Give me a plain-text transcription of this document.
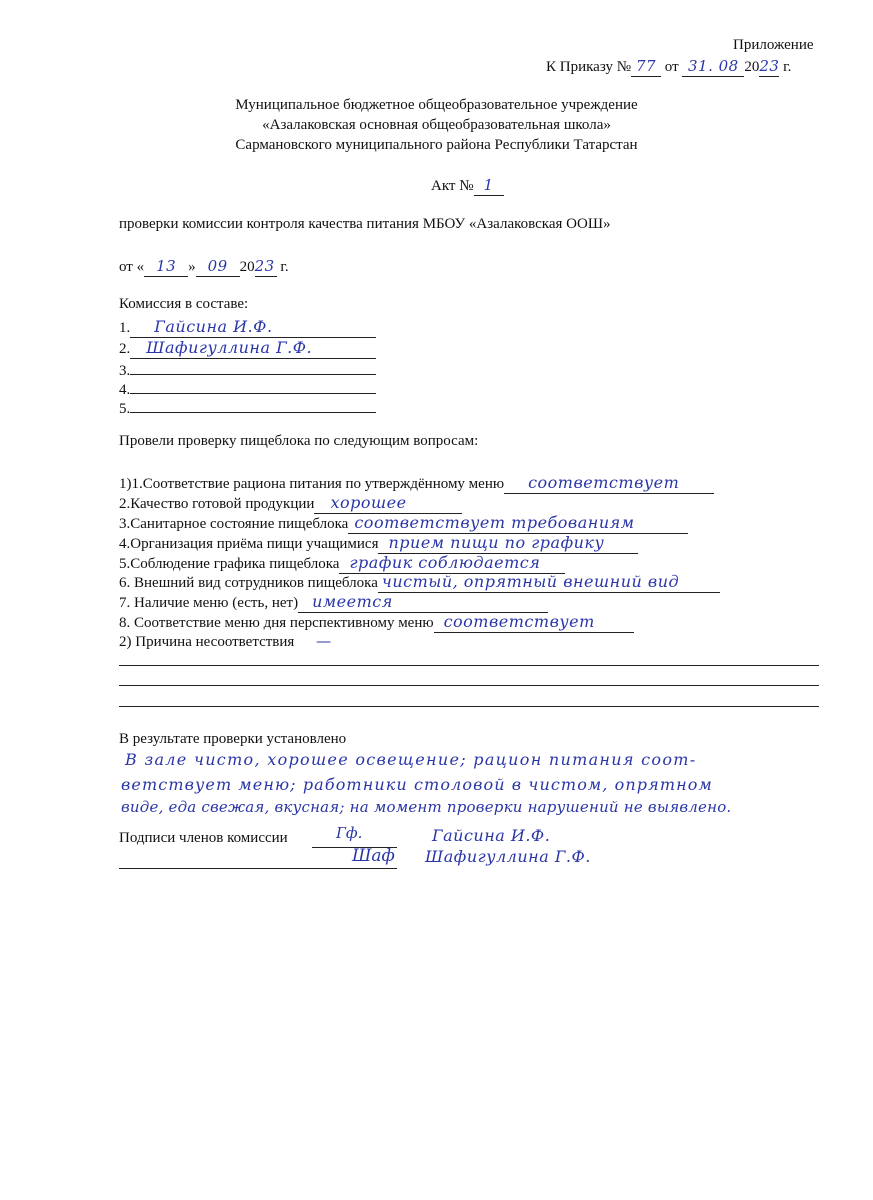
Приложение
К Приказу № 77 от 31. 08 2023 г.
Муниципальное бюджетное общеобразовательное учреждение
«Азалаковская основная общеобразовательная школа»
Сармановского муниципального района Республики Татарстан
Акт № 1
проверки комиссии контроля качества питания МБОУ «Азалаковская ООШ»
от « 13 » 09 2023 г.
Комиссия в составе:
1. Гайсина И.Ф.
2. Шафигуллина Г.Ф.
3.
4.
5.
Провели проверку пищеблока по следующим вопросам:
1)1.Соответствие рациона питания по утверждённому меню соответствует
2.Качество готовой продукции хорошее
3.Санитарное состояние пищеблока соответствует требованиям
4.Организация приёма пищи учащимися прием пищи по графику
5.Соблюдение графика пищеблока график соблюдается
6. Внешний вид сотрудников пищеблока чистый, опрятный внешний вид
7. Наличие меню (есть, нет) имеется
8. Соответствие меню дня перспективному меню соответствует
2) Причина несоответствия —
В результате проверки установлено
В зале чисто, хорошее освещение; рацион питания соот-
ветствует меню; работники столовой в чистом, опрятном
виде, еда свежая, вкусная; на момент проверки нарушений не выявлено.
Подписи членов комиссии	Гф.	Гайсина И.Ф.
Шаф Шафигуллина Г.Ф.
